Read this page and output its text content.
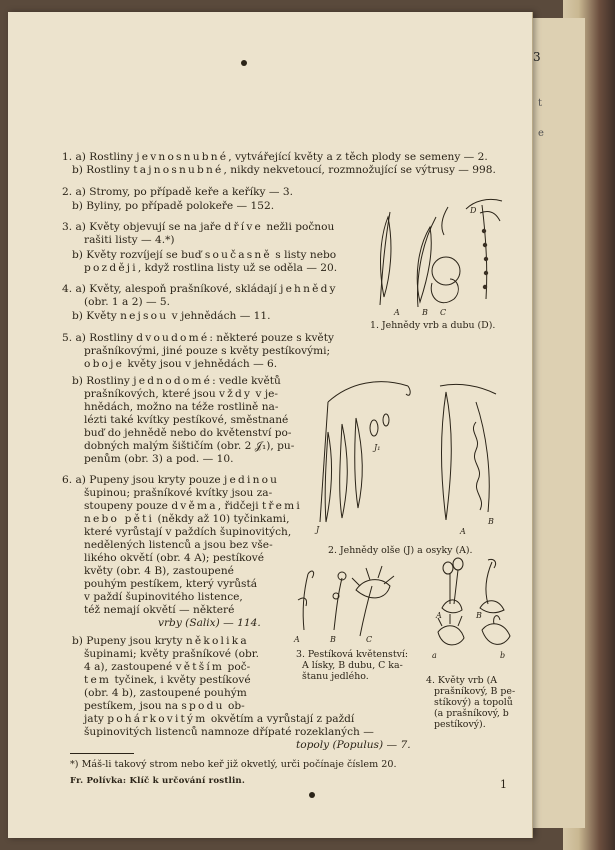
3
t
e
1. a) Rostliny jevnosnubné, vytvářející květy a z těch plody se semeny — 2.
b) Rostliny tajnosnubné, nikdy nekvetoucí, rozmnožující se výtrusy — 998.
2. a) Stromy, po případě keře a keříky — 3.
b) Byliny, po případě polokeře — 152.
3. a) Květy objevují se na jaře dříve nežli počnou
rašiti listy — 4.*)
b) Květy rozvíjejí se buď současně s listy nebo
později, když rostlina listy už se oděla — 20.
4. a) Květy, alespoň prašníkové, skládají jehnědy
(obr. 1 a 2) — 5.
b) Květy nejsou v jehnědách — 11.
5. a) Rostliny dvoudomé: některé pouze s květy
prašníkovými, jiné pouze s květy pestíkovými;
oboje květy jsou v jehnědách — 6.
b) Rostliny jednodomé: vedle květů
prašníkových, které jsou vždy v je-
hnědách, možno na téže rostlině na-
lézti také kvítky pestíkové, směstnané
buď do jehnědě nebo do květenství po-
dobných malým šištičím (obr. 2 𝒥₁), pu-
penům (obr. 3) a pod. — 10.
6. a) Pupeny jsou kryty pouze jedinou
šupinou; prašníkové kvítky jsou za-
stoupeny pouze dvěma, řidčeji třemi
nebo pěti (někdy až 10) tyčinkami,
které vyrůstají v paždích šupinovitých,
nedělených listenců a jsou bez vše-
likého okvětí (obr. 4 A); pestíkové
květy (obr. 4 B), zastoupené
pouhým pestíkem, který vyrůstá
v paždí šupinovitého listence,
též nemají okvětí — některé
vrby (Salix) — 114.
b) Pupeny jsou kryty několika
šupinami; květy prašníkové (obr.
4 a), zastoupené větším poč-
tem tyčinek, i květy pestíkové
(obr. 4 b), zastoupené pouhým
pestíkem, jsou na spodu ob-
jaty pohárkovitým okvětím a vyrůstají z paždí
šupinovitých listenců namnoze dřípaté rozeklaných —
topoly (Populus) — 7.
D
A	B C
1. Jehnědy vrb a dubu (D).
J₁
J	A
B
2. Jehnědy olše (J) a osyky (A).
A	B	C
3. Pestíková květenství:
A lísky, B dubu, C ka-
štanu jedlého.
A	B
a	b
4. Květy vrb (A
prašníkový, B pe-
stíkový) a topolů
(a prašníkový, b
pestíkový).
*) Máš-li takový strom nebo keř již okvetlý, urči počínaje číslem 20.
Fr. Polívka: Klíč k určování rostlin.	1
